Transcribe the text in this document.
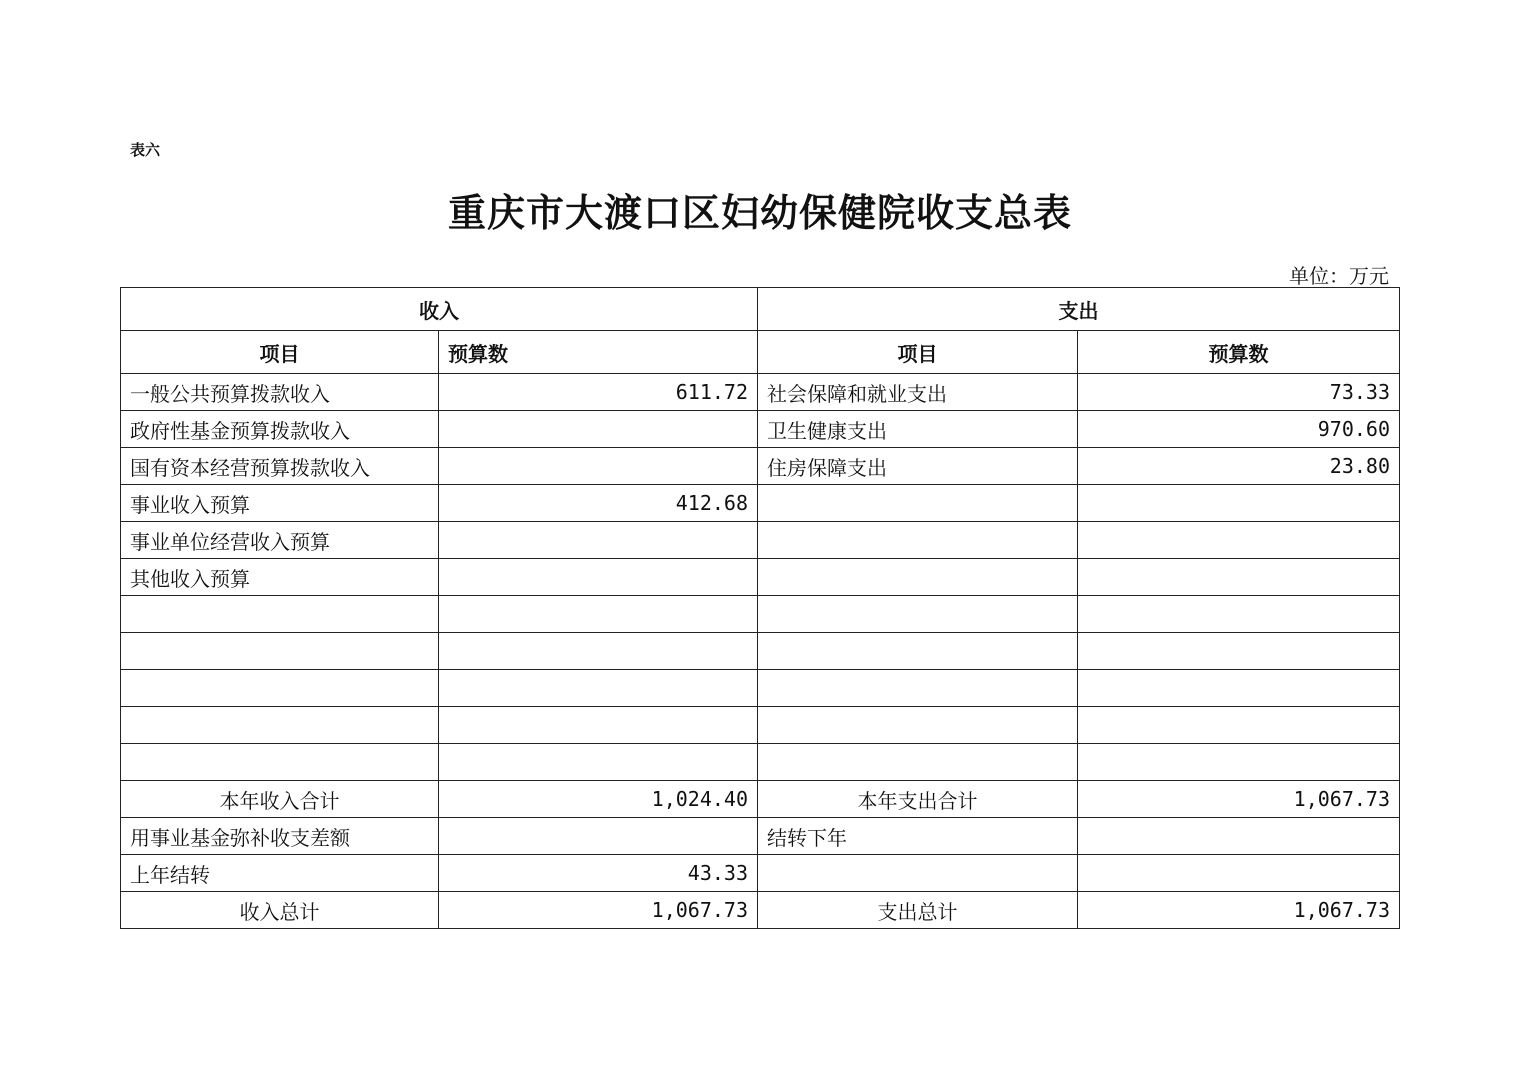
表六
重庆市大渡口区妇幼保健院收支总表
单位：万元
收入		支出	
项目	预算数	项目	预算数
一般公共预算拨款收入	611.72	社会保障和就业支出	73.33
政府性基金预算拨款收入		卫生健康支出	970.60
国有资本经营预算拨款收入		住房保障支出	23.80
事业收入预算	412.68		
事业单位经营收入预算			
其他收入预算			

本年收入合计	1,024.40	本年支出合计	1,067.73
用事业基金弥补收支差额		结转下年	
上年结转	43.33		
收入总计	1,067.73	支出总计	1,067.73
